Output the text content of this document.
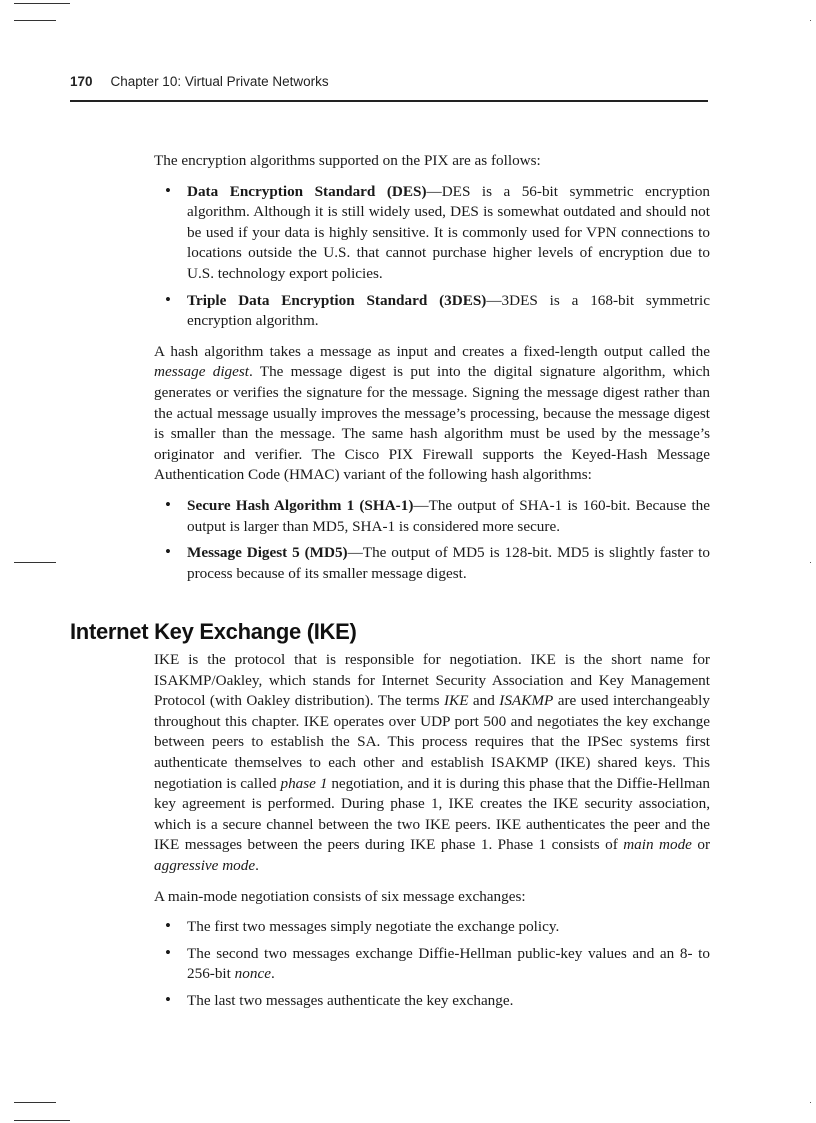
170 Chapter 10: Virtual Private Networks

The encryption algorithms supported on the PIX are as follows:

• Data Encryption Standard (DES)—DES is a 56-bit symmetric encryption algorithm. Although it is still widely used, DES is somewhat outdated and should not be used if your data is highly sensitive. It is commonly used for VPN connections to locations outside the U.S. that cannot purchase higher levels of encryption due to U.S. technology export policies.
• Triple Data Encryption Standard (3DES)—3DES is a 168-bit symmetric encryption algorithm.

A hash algorithm takes a message as input and creates a fixed-length output called the message digest. The message digest is put into the digital signature algorithm, which generates or verifies the signature for the message. Signing the message digest rather than the actual message usually improves the message’s processing, because the message digest is smaller than the message. The same hash algorithm must be used by the message’s originator and verifier. The Cisco PIX Firewall supports the Keyed-Hash Message Authentication Code (HMAC) variant of the following hash algorithms:

• Secure Hash Algorithm 1 (SHA-1)—The output of SHA-1 is 160-bit. Because the output is larger than MD5, SHA-1 is considered more secure.
• Message Digest 5 (MD5)—The output of MD5 is 128-bit. MD5 is slightly faster to process because of its smaller message digest.
Internet Key Exchange (IKE)

IKE is the protocol that is responsible for negotiation. IKE is the short name for ISAKMP/Oakley, which stands for Internet Security Association and Key Management Protocol (with Oakley distribution). The terms IKE and ISAKMP are used interchangeably throughout this chapter. IKE operates over UDP port 500 and negotiates the key exchange between peers to establish the SA. This process requires that the IPSec systems first authenticate themselves to each other and establish ISAKMP (IKE) shared keys. This negotiation is called phase 1 negotiation, and it is during this phase that the Diffie-Hellman key agreement is performed. During phase 1, IKE creates the IKE security association, which is a secure channel between the two IKE peers. IKE authenticates the peer and the IKE messages between the peers during IKE phase 1. Phase 1 consists of main mode or aggressive mode.

A main-mode negotiation consists of six message exchanges:

• The first two messages simply negotiate the exchange policy.
• The second two messages exchange Diffie-Hellman public-key values and an 8- to 256-bit nonce.
• The last two messages authenticate the key exchange.
